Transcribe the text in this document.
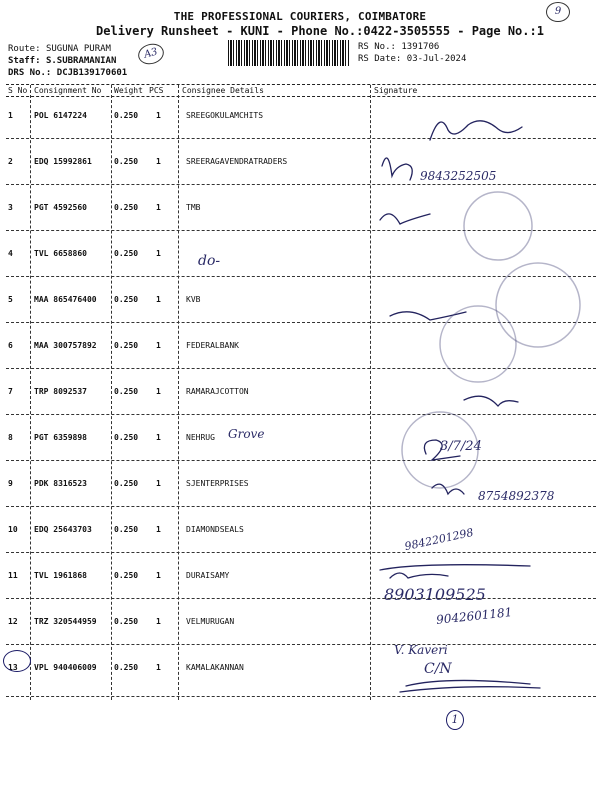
9
THE PROFESSIONAL COURIERS, COIMBATORE
Delivery Runsheet - KUNI - Phone No.:0422-3505555 - Page No.:1
Route: SUGUNA PURAM
Staff: S.SUBRAMANIAN
DRS No.: DCJB139170601
A3	RS No.: 1391706
RS Date: 03-Jul-2024
S No Consignment No Weight PCS Consignee Details	Signature
1	POL 6147224	0.250 1	SREEGOKULAMCHITS
2	EDQ 15992861	0.250 1	SREERAGAVENDRATRADERS
9843252505
3	PGT 4592560	0.250 1	TMB
4	TVL 6658860	0.250 1	do-
5	MAA 865476400 0.250 1	KVB
6	MAA 300757892 0.250 1	FEDERALBANK
7	TRP 8092537	0.250 1	RAMARAJCOTTON
8	PGT 6359898	0.250 1	NEHRUG Grove
3/7/24
9	PDK 8316523	0.250 1	SJENTERPRISES
8754892378
10 EDQ 25643703	0.250 1	DIAMONDSEALS	9842201298
11 TVL 1961868	0.250 1	DURAISAMY
8903109525
12 TRZ 320544959 0.250 1	VELMURUGAN	9042601181
13 VPL 940406009 0.250 1	KAMALAKANNAN
V. Kaveri
C/N
1
